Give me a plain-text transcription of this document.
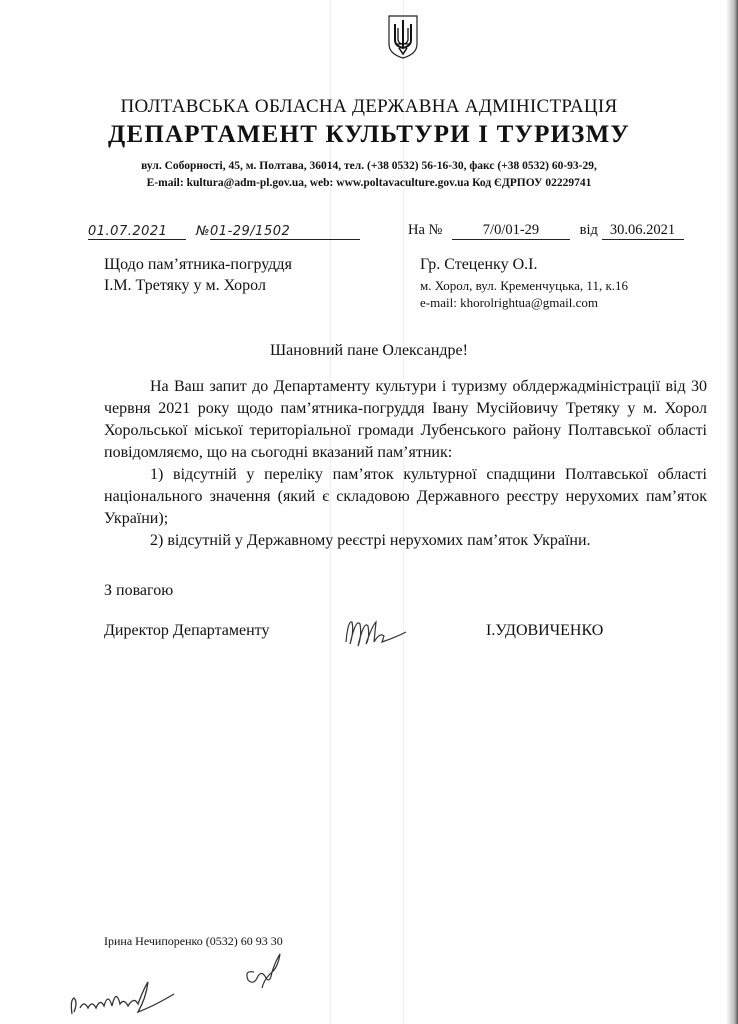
ПОЛТАВСЬКА ОБЛАСНА ДЕРЖАВНА АДМІНІСТРАЦІЯ
ДЕПАРТАМЕНТ КУЛЬТУРИ І ТУРИЗМУ
вул. Соборності, 45, м. Полтава, 36014, тел. (+38 0532) 56-16-30, факс (+38 0532) 60-93-29,
E-mail: kultura@adm-pl.gov.ua, web: www.poltavaculture.gov.ua Код ЄДРПОУ 02229741
01.07.2021 №01-29/1502	На №	7/0/01-29	від 30.06.2021
Щодо пам’ятника-погруддя
І.М. Третяку у м. Хорол
Гр. Стеценку О.І.
м. Хорол, вул. Кременчуцька, 11, к.16
e-mail: khorolrightua@gmail.com
Шановний пане Олександре!

На Ваш запит до Департаменту культури і туризму облдержадміністрації від 30 червня 2021 року щодо пам’ятника-погруддя Івану Мусійовичу Третяку у м. Хорол Хорольської міської територіальної громади Лубенського району Полтавської області повідомляємо, що на сьогодні вказаний пам’ятник:

1) відсутній у переліку пам’яток культурної спадщини Полтавської області національного значення (який є складовою Державного реєстру нерухомих пам’яток України);

2) відсутній у Державному реєстрі нерухомих пам’яток України.

З повагою
Директор Департаменту	І.УДОВИЧЕНКО
Ірина Нечипоренко (0532) 60 93 30
